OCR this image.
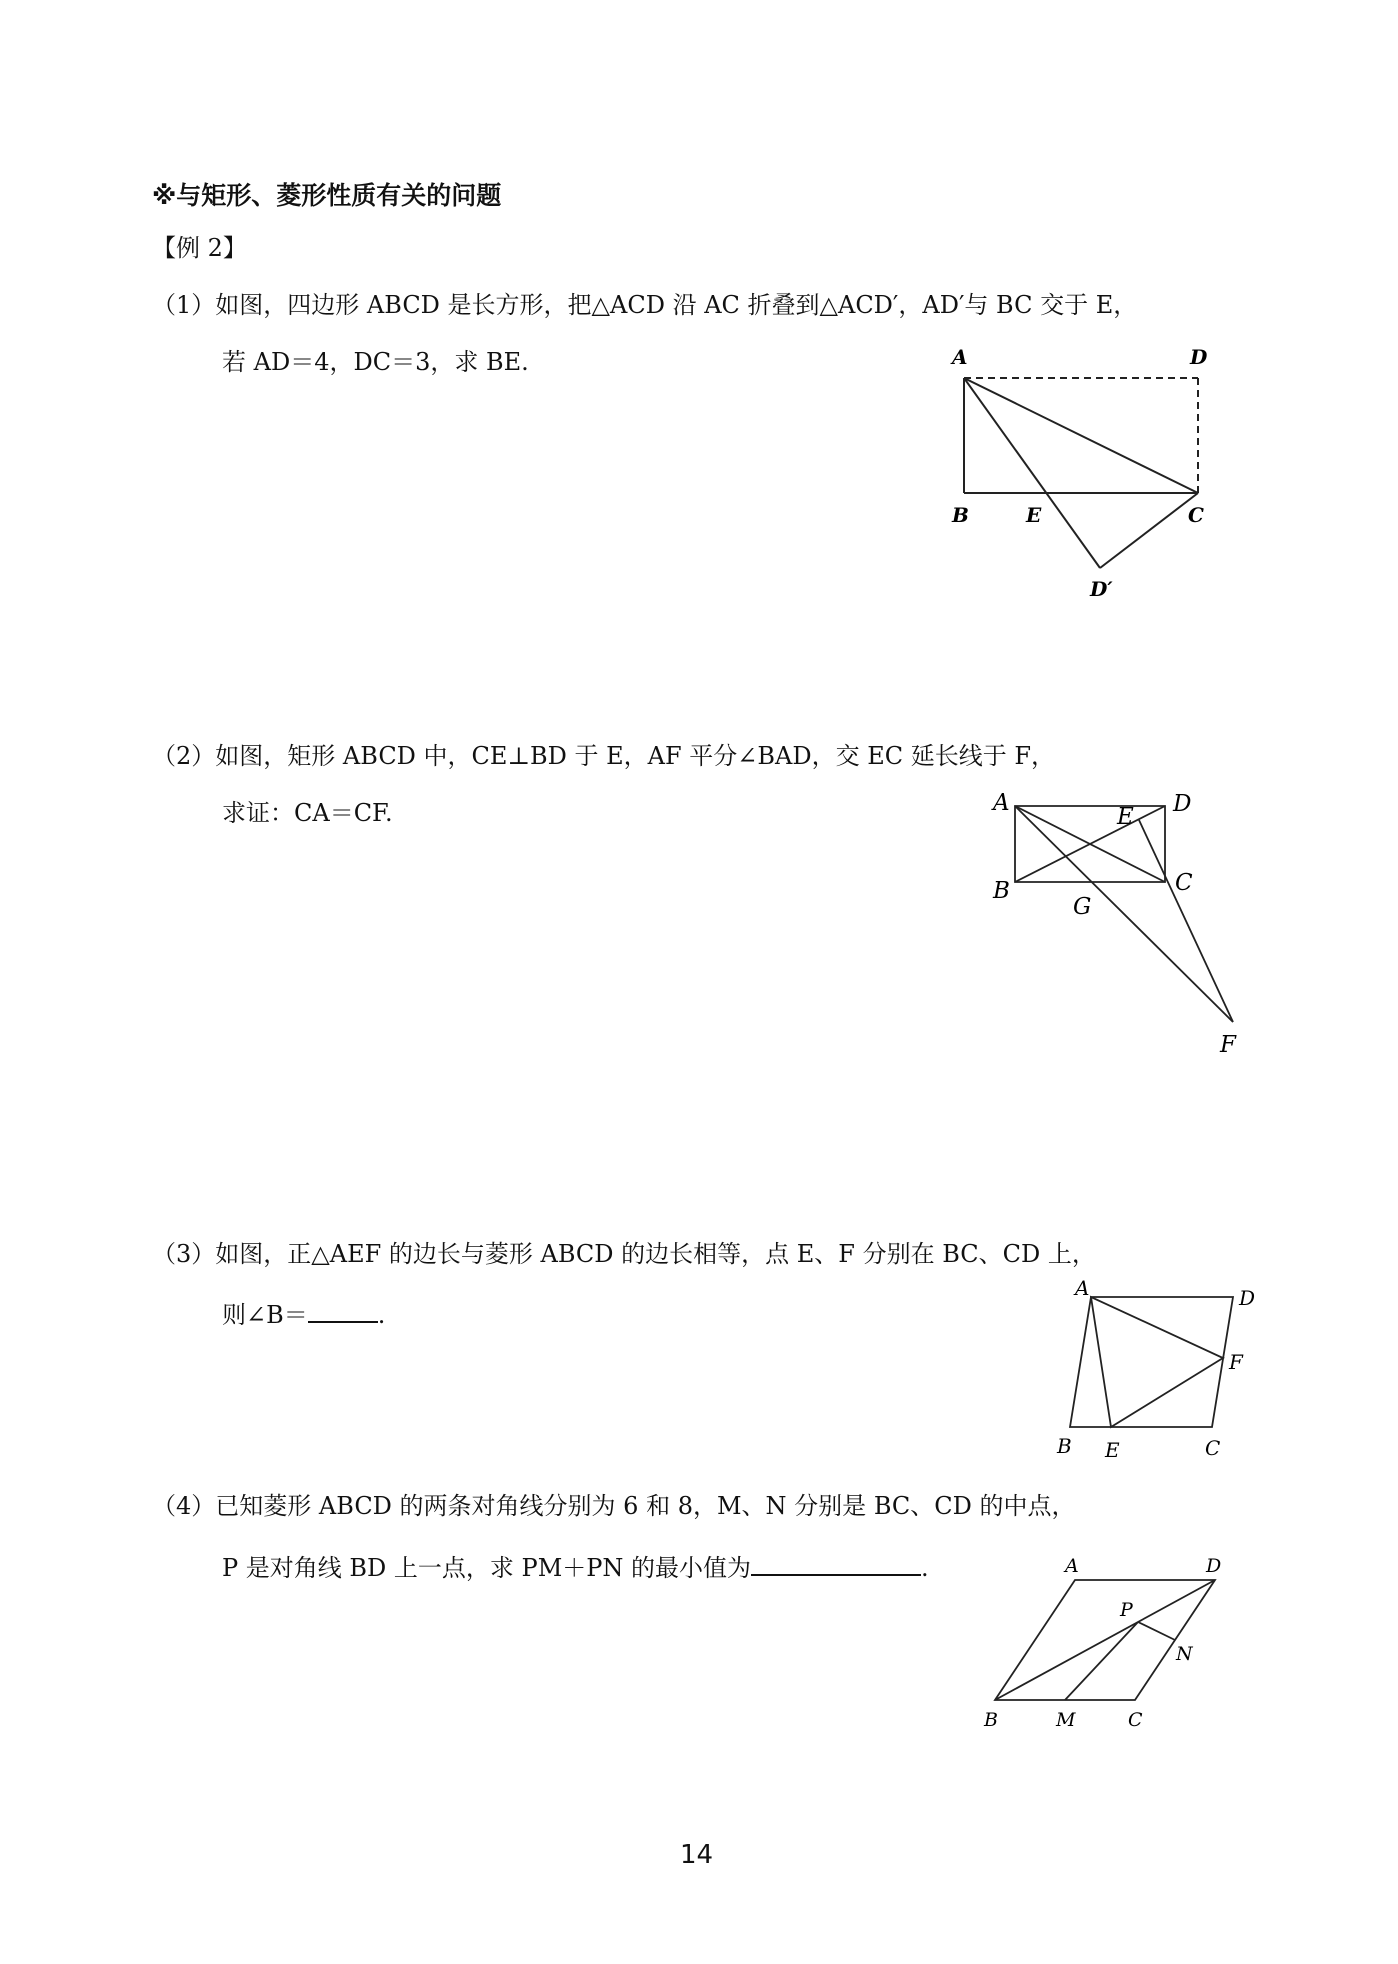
※与矩形、菱形性质有关的问题
【例 2】
（1）如图，四边形 ABCD 是长方形，把△ACD 沿 AC 折叠到△ACD′，AD′与 BC 交于 E，
若 AD＝4，DC＝3，求 BE.	A	D
B	E	C
D′
（2）如图，矩形 ABCD 中，CE⊥BD 于 E，AF 平分∠BAD，交 EC 延长线于 F，
求证：CA＝CF.	A
E D
B	C
G
F
（3）如图，正△AEF 的边长与菱形 ABCD 的边长相等，点 E、F 分别在 BC、CD 上，
则∠B＝	.
A	D
F
B E	C
（4）已知菱形 ABCD 的两条对角线分别为 6 和 8，M、N 分别是 BC、CD 的中点，
P 是对角线 BD 上一点，求 PM＋PN 的最小值为	.	A	D
P
N
B	M	C
14
